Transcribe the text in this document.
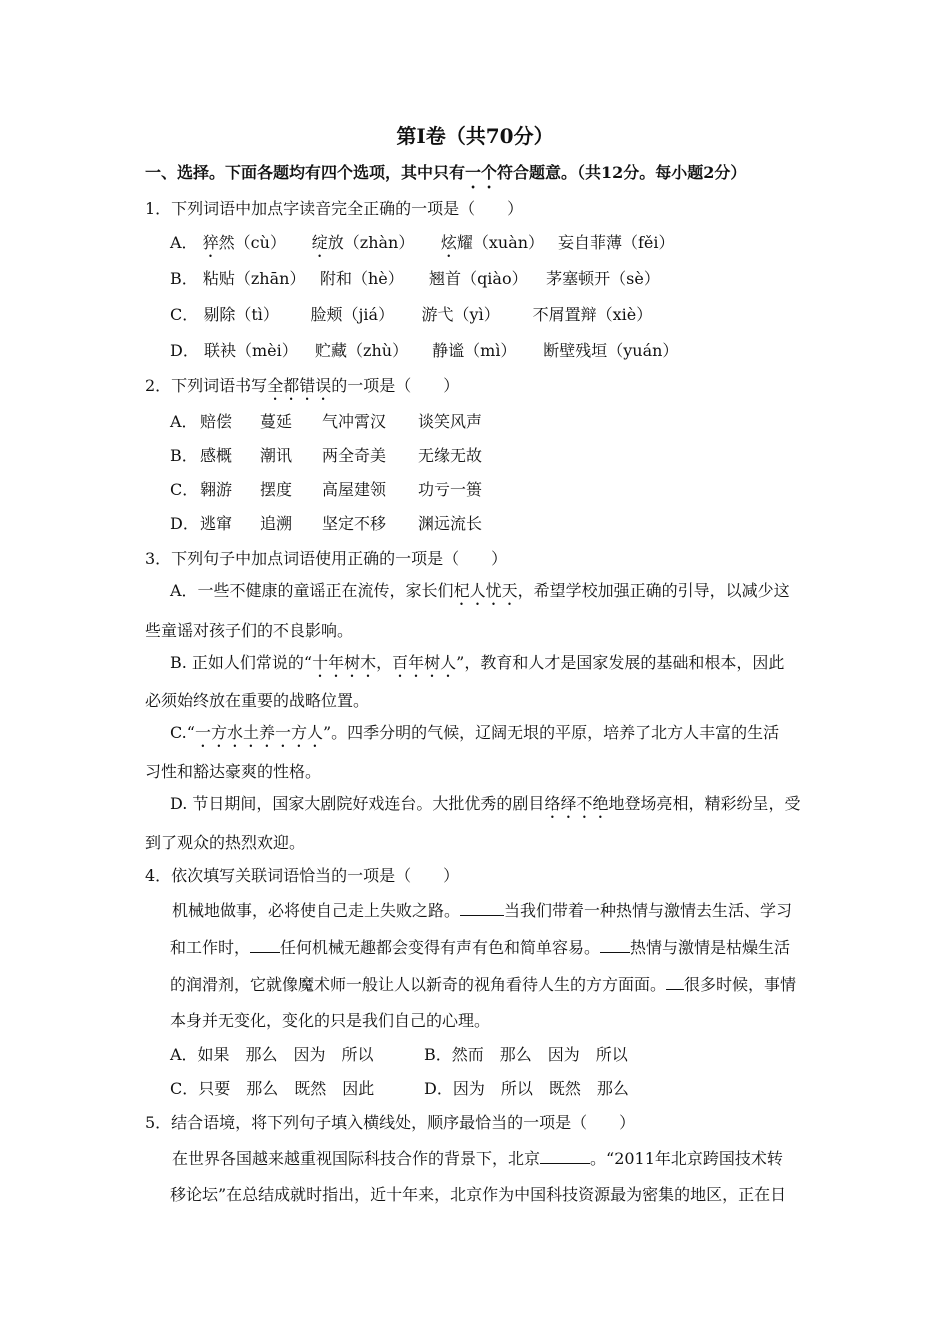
第Ⅰ卷（共70分）
一、选择。下面各题均有四个选项，其中只有一个符合题意。（共12分。每小题2分）
1．下列词语中加点字读音完全正确的一项是（　　）
A． 猝然（cù） 绽放（zhàn） 炫耀（xuàn） 妄自菲薄（fěi）
B． 粘贴（zhān） 附和（hè） 翘首（qiào） 茅塞顿开（sè）
C． 剔除（tì） 脸颊（jiá） 游弋（yì） 不屑置辩（xiè）
D． 联袂（mèi） 贮藏（zhù） 静谧（mì） 断壁残垣（yuán）
2．下列词语书写全都错误的一项是（　　）
A． 赔偿 蔓延 气冲霄汉 谈笑风声
B． 感概 潮讯 两全奇美 无缘无故
C． 翱游 摆度 高屋建领 功亏一篑
D．逃窜 追溯 坚定不移 渊远流长
3．下列句子中加点词语使用正确的一项是（　　）
A．一些不健康的童谣正在流传，家长们杞人忧天，希望学校加强正确的引导，以减少这
些童谣对孩子们的不良影响。
B. 正如人们常说的“十年树木，百年树人”，教育和人才是国家发展的基础和根本，因此
必须始终放在重要的战略位置。
C.“一方水土养一方人”。四季分明的气候，辽阔无垠的平原，培养了北方人丰富的生活
习性和豁达豪爽的性格。
D. 节日期间，国家大剧院好戏连台。大批优秀的剧目络绎不绝地登场亮相，精彩纷呈，受
到了观众的热烈欢迎。
4．依次填写关联词语恰当的一项是（　　）
机械地做事，必将使自己走上失败之路。	当我们带着一种热情与激情去生活、学习
和工作时， 任何机械无趣都会变得有声有色和简单容易。 热情与激情是枯燥生活
的润滑剂，它就像魔术师一般让人以新奇的视角看待人生的方方面面。 很多时候，事情
本身并无变化，变化的只是我们自己的心理。
A．如果　那么　因为　所以	B．然而　那么　因为　所以
C．只要　那么　既然　因此	D．因为　所以　既然　那么
5．结合语境，将下列句子填入横线处，顺序最恰当的一项是（　　）
在世界各国越来越重视国际科技合作的背景下，北京	。“2011年北京跨国技术转
移论坛”在总结成就时指出，近十年来，北京作为中国科技资源最为密集的地区，正在日
